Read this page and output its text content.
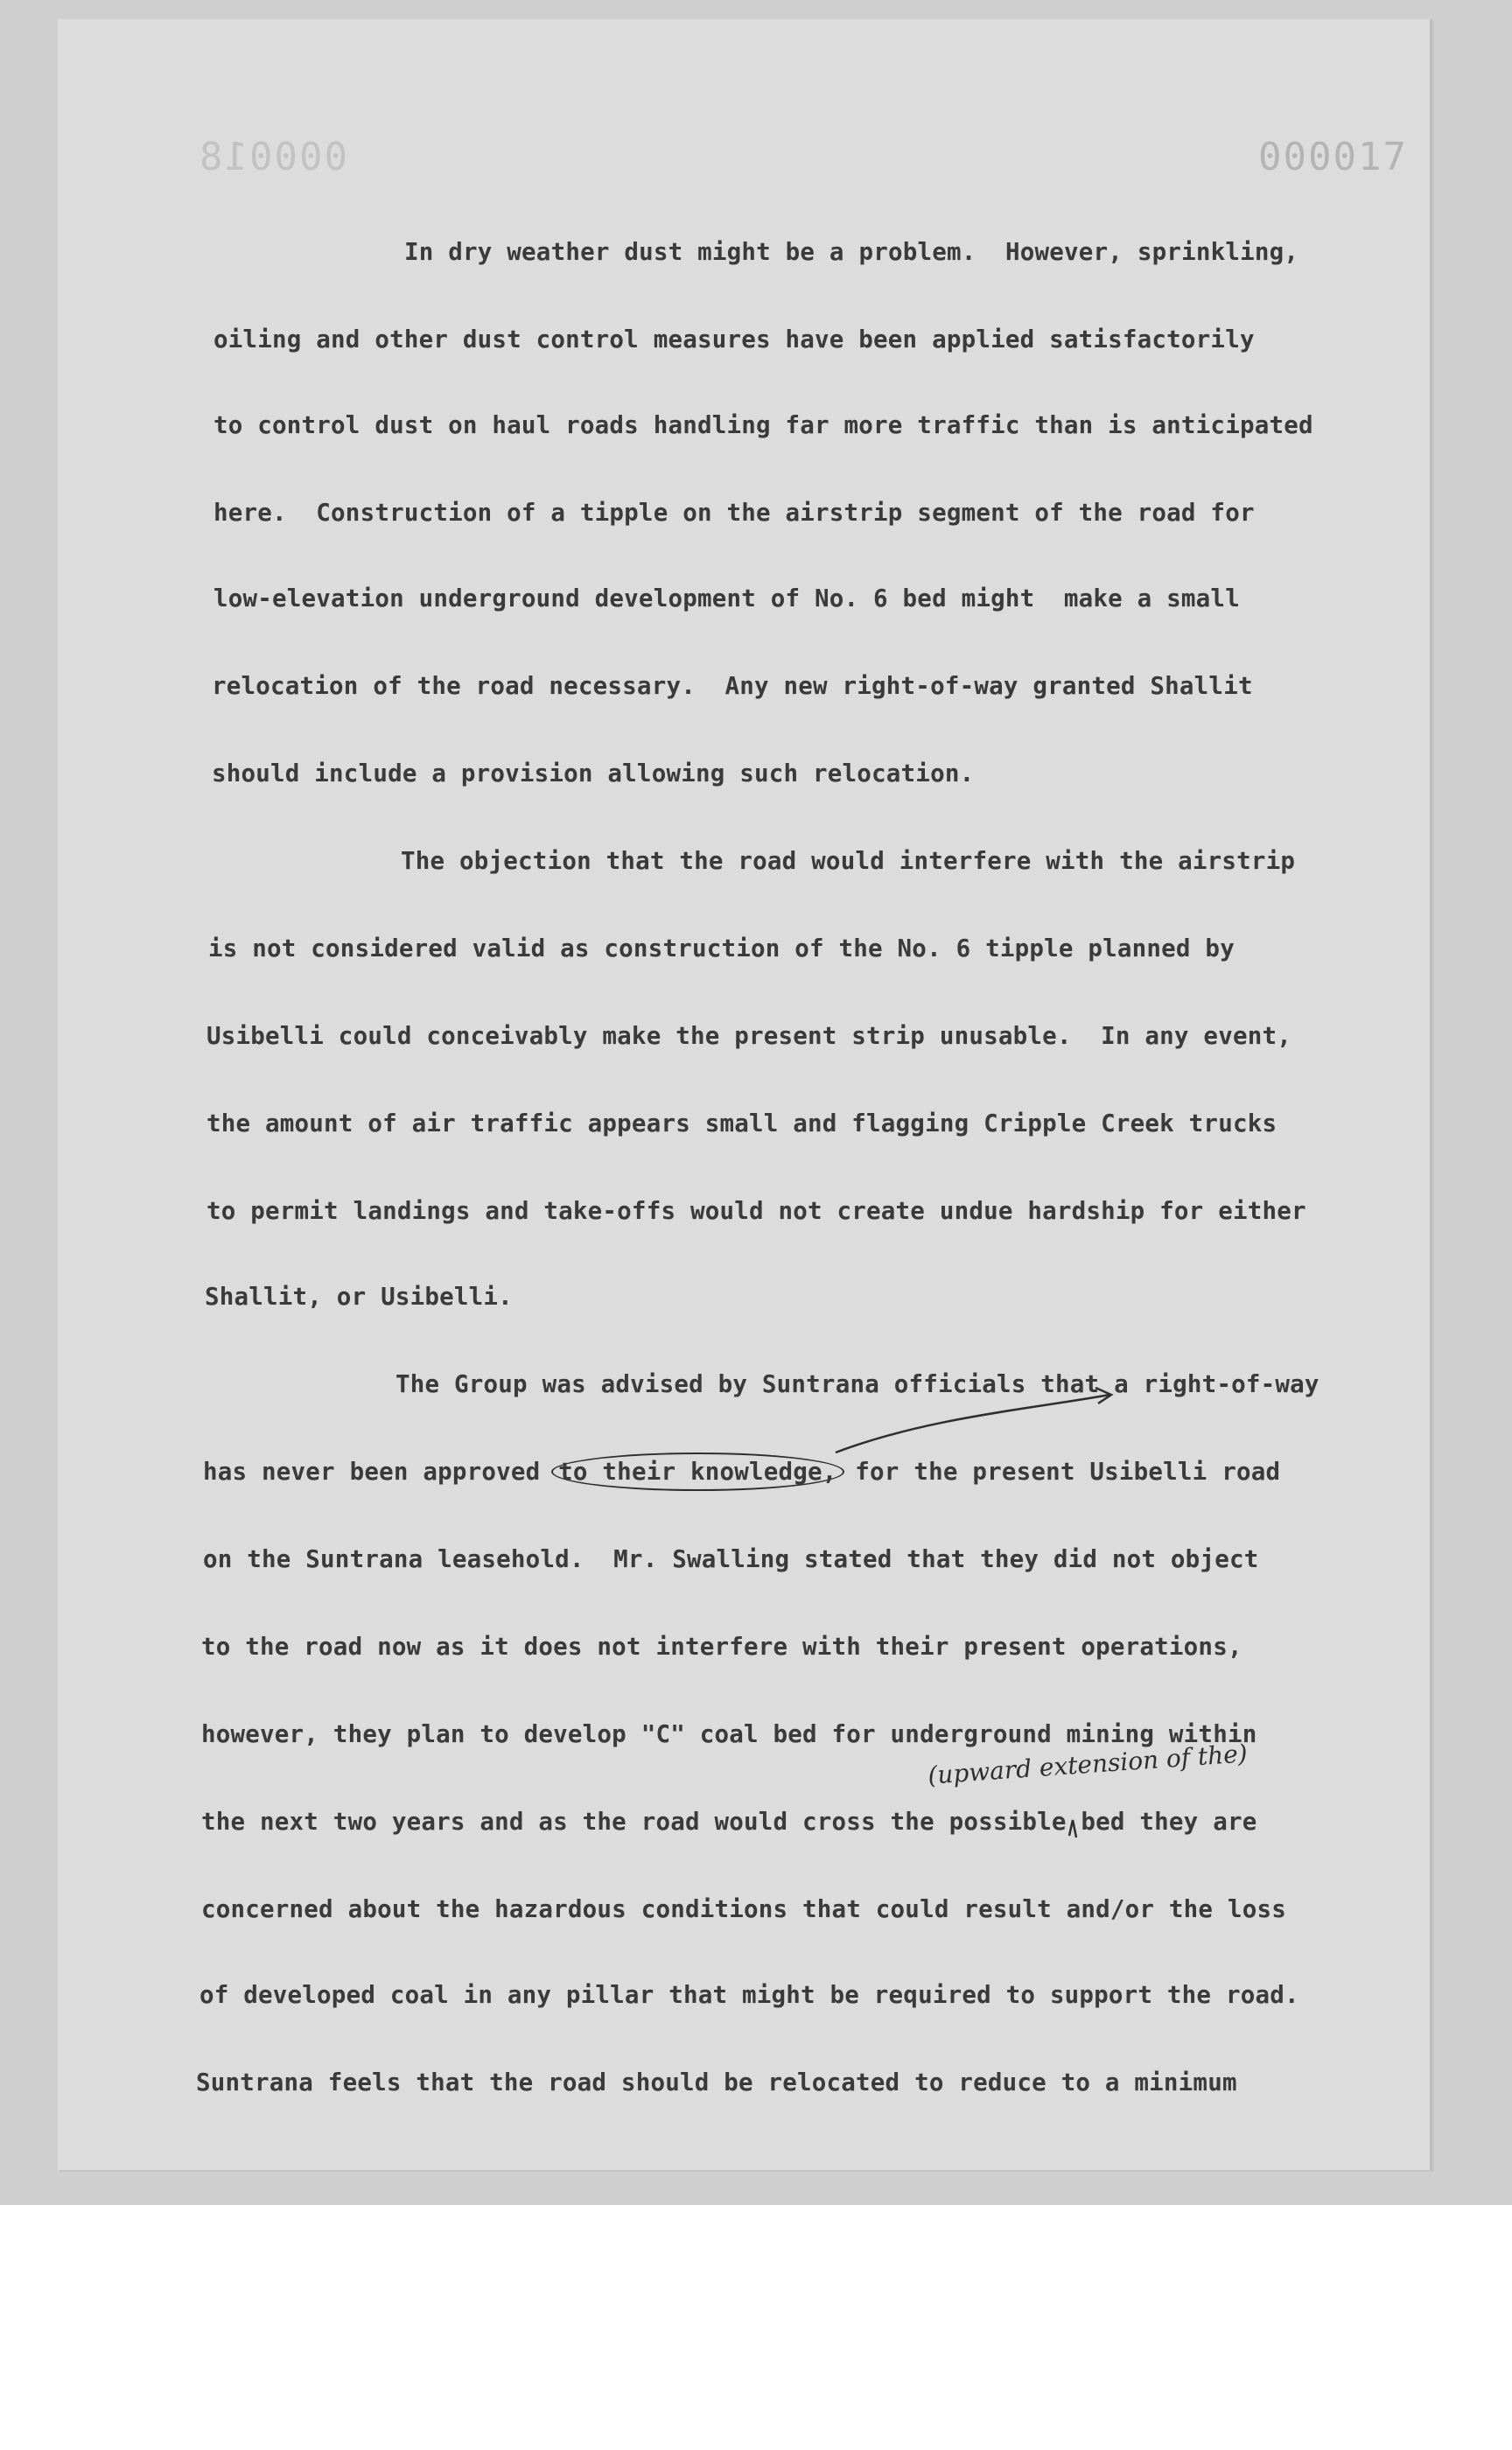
000018	000017
In dry weather dust might be a problem.  However, sprinkling,
oiling and other dust control measures have been applied satisfactorily
to control dust on haul roads handling far more traffic than is anticipated
here.  Construction of a tipple on the airstrip segment of the road for
low-elevation underground development of No. 6 bed might  make a small
relocation of the road necessary.  Any new right-of-way granted Shallit
should include a provision allowing such relocation.
The objection that the road would interfere with the airstrip
is not considered valid as construction of the No. 6 tipple planned by
Usibelli could conceivably make the present strip unusable.  In any event,
the amount of air traffic appears small and flagging Cripple Creek trucks
to permit landings and take-offs would not create undue hardship for either
Shallit, or Usibelli.
The Group was advised by Suntrana officials that a right-of-way
has never been approved to their knowledge, for the present Usibelli road
on the Suntrana leasehold.  Mr. Swalling stated that they did not object
to the road now as it does not interfere with their present operations,
however, they plan to develop "C" coal bed for underground mining within
the next two years and as the road would cross the possible bed they are
concerned about the hazardous conditions that could result and/or the loss
of developed coal in any pillar that might be required to support the road.
Suntrana feels that the road should be relocated to reduce to a minimum
(upward extension of the)
